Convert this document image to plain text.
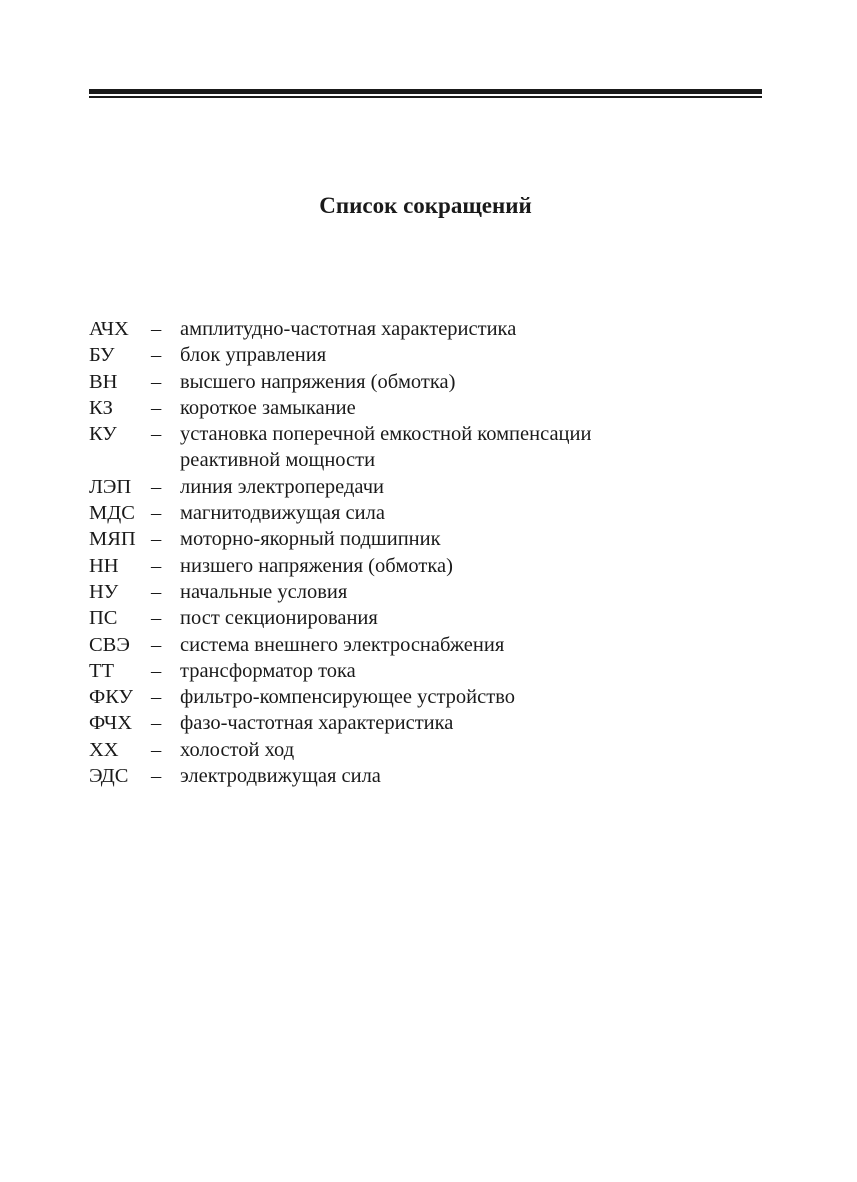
Список сокращений
АЧХ	– амплитудно-частотная характеристика
БУ	– блок управления
ВН	– высшего напряжения (обмотка)
КЗ	– короткое замыкание
КУ	– установка поперечной емкостной компенсации реактивной мощности
ЛЭП – линия электропередачи
МДС – магнитодвижущая сила
МЯП – моторно-якорный подшипник
НН	– низшего напряжения (обмотка)
НУ	– начальные условия
ПС	– пост секционирования
СВЭ	– система внешнего электроснабжения
ТТ	– трансформатор тока
ФКУ – фильтро-компенсирующее устройство
ФЧХ – фазо-частотная характеристика
ХХ	– холостой ход
ЭДС	– электродвижущая сила
